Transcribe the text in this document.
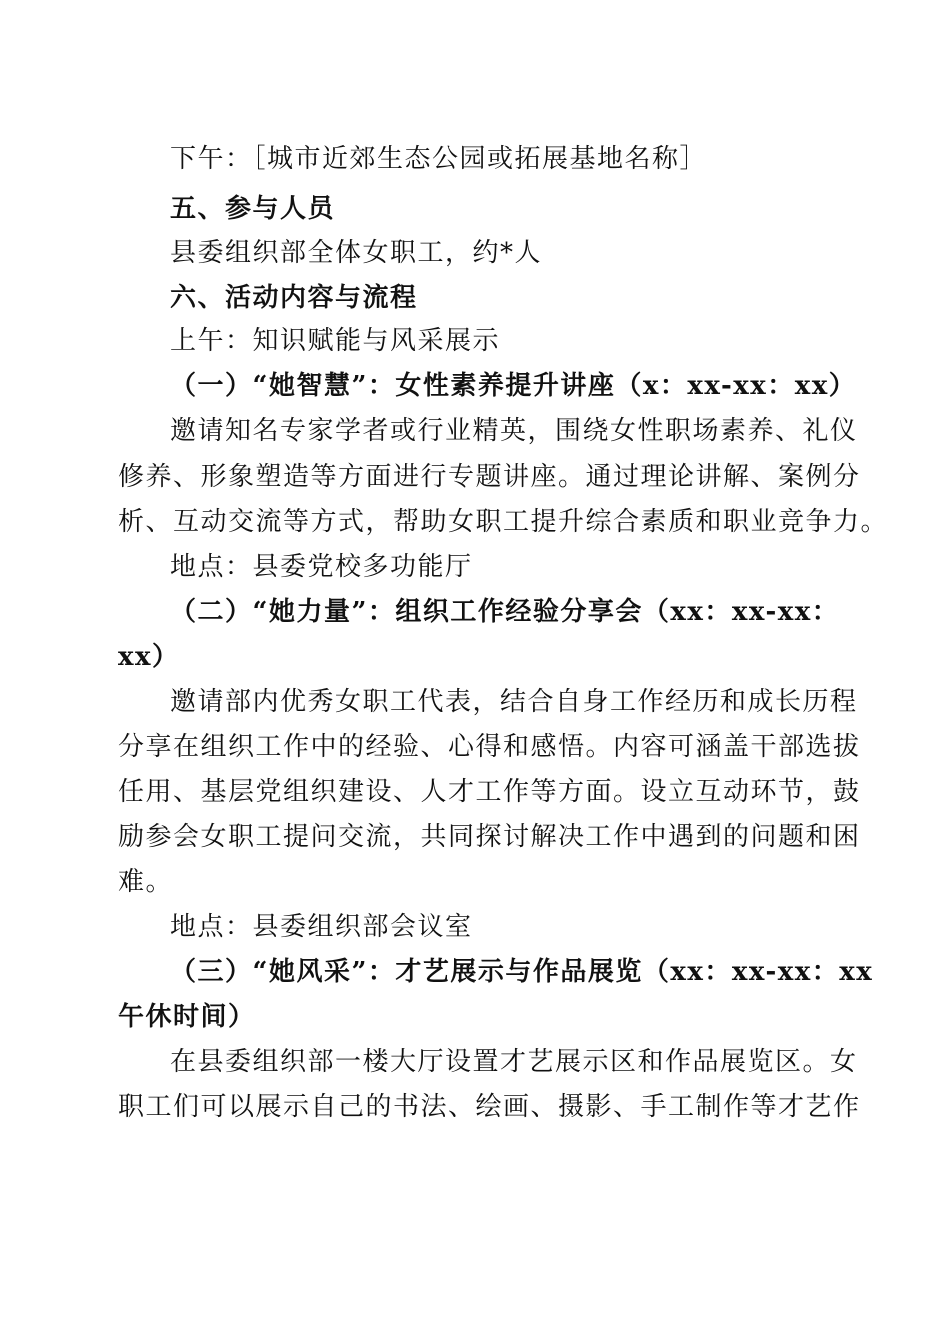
下午：［城市近郊生态公园或拓展基地名称］
五、参与人员
县委组织部全体女职工，约*人
六、活动内容与流程
上午：知识赋能与风采展示
（一）“她智慧”：女性素养提升讲座（x：xx-xx：xx）
邀请知名专家学者或行业精英，围绕女性职场素养、礼仪
修养、形象塑造等方面进行专题讲座。通过理论讲解、案例分
析、互动交流等方式，帮助女职工提升综合素质和职业竞争力。
地点：县委党校多功能厅
（二）“她力量”：组织工作经验分享会（xx：xx-xx：
xx）
邀请部内优秀女职工代表，结合自身工作经历和成长历程
分享在组织工作中的经验、心得和感悟。内容可涵盖干部选拔
任用、基层党组织建设、人才工作等方面。设立互动环节，鼓
励参会女职工提问交流，共同探讨解决工作中遇到的问题和困
难。
地点：县委组织部会议室
（三）“她风采”：才艺展示与作品展览（xx：xx-xx：xx
午休时间）
在县委组织部一楼大厅设置才艺展示区和作品展览区。女
职工们可以展示自己的书法、绘画、摄影、手工制作等才艺作
